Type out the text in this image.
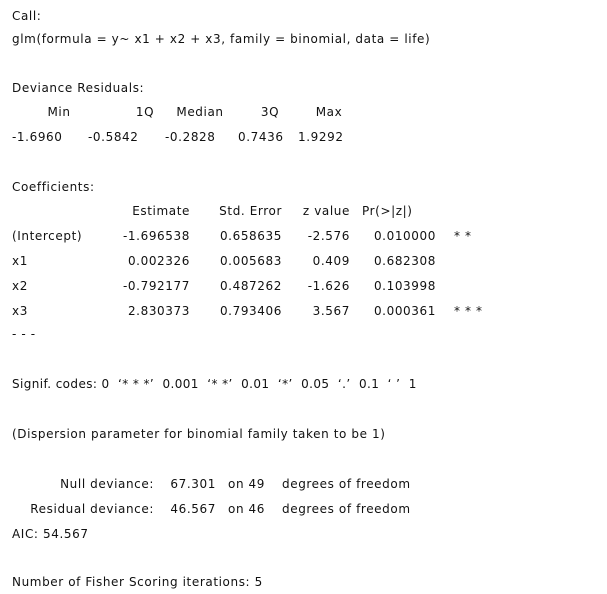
Call:
glm(formula = y~ x1 + x2 + x3, family = binomial, data = life)
Deviance Residuals:
Min	1Q	Median	3Q	Max
-1.6960	-0.5842	-0.2828	0.7436	1.9292
Coefficients:
Estimate	Std. Error	z value Pr(>|z|)
(Intercept)	-1.696538	0.658635	-2.576	0.010000 * *
x1	0.002326	0.005683	0.409	0.682308
x2	-0.792177	0.487262	-1.626	0.103998
x3	2.830373	0.793406	3.567	0.000361 * * *
- - -
Signif. codes: 0  ‘* * *’  0.001  ‘* *’  0.01  ‘*’  0.05  ‘.’  0.1  ‘ ’  1
(Dispersion parameter for binomial family taken to be 1)
Null deviance:	67.301 on 49	degrees of freedom
Residual deviance:	46.567 on 46	degrees of freedom
AIC: 54.567
Number of Fisher Scoring iterations: 5
